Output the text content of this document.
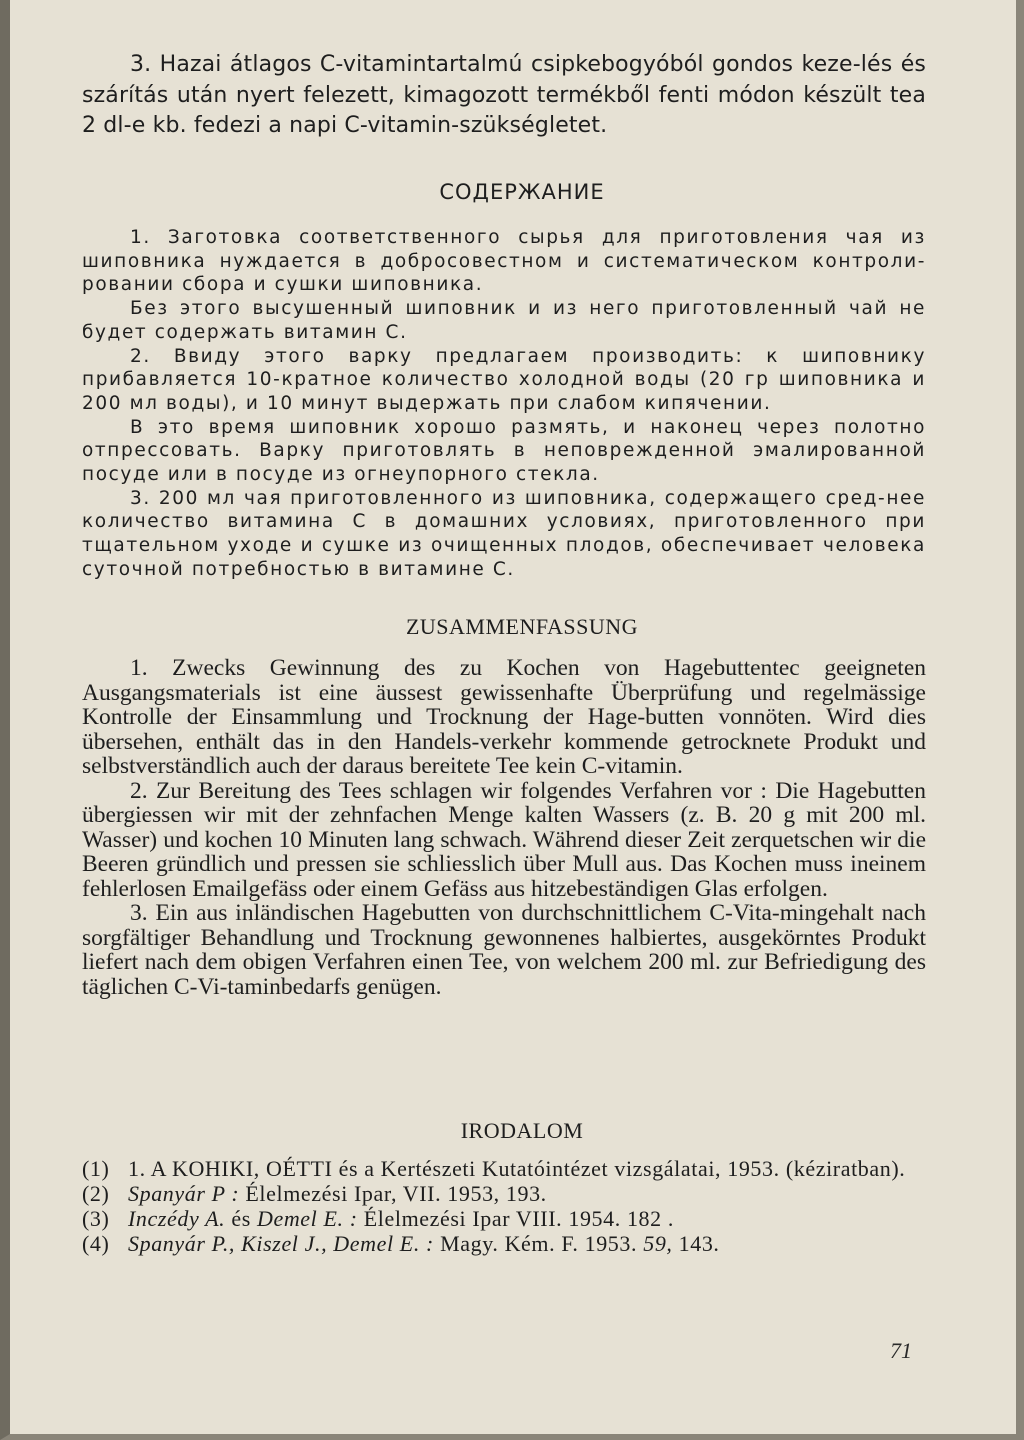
3. Hazai átlagos C-vitamintartalmú csipkebogyóból gondos keze-lés és szárítás után nyert felezett, kimagozott termékből fenti módon készült tea 2 dl-e kb. fedezi a napi C-vitamin-szükségletet.

СОДЕРЖАНИЕ

1. Заготовка соответственного сырья для приготовления чая из шиповника нуждается в добросовестном и систематическом контроли-ровании сбора и сушки шиповника.

Без этого высушенный шиповник и из него приготовленный чай не будет содержать витамин С.

2. Ввиду этого варку предлагаем производить: к шиповнику прибавляется 10-кратное количество холодной воды (20 гр шиповника и 200 мл воды), и 10 минут выдержать при слабом кипячении.

В это время шиповник хорошо размять, и наконец через полотно отпрессовать. Варку приготовлять в неповрежденной эмалированной посуде или в посуде из огнеупорного стекла.

3. 200 мл чая приготовленного из шиповника, содержащего сред-нее количество витамина С в домашних условиях, приготовленного при тщательном уходе и сушке из очищенных плодов, обеспечивает человека суточной потребностью в витамине С.

ZUSAMMENFASSUNG

1. Zwecks Gewinnung des zu Kochen von Hagebuttentec geeigneten Ausgangsmaterials ist eine äussest gewissenhafte Überprüfung und regelmässige Kontrolle der Einsammlung und Trocknung der Hage-butten vonnöten. Wird dies übersehen, enthält das in den Handels-verkehr kommende getrocknete Produkt und selbstverständlich auch der daraus bereitete Tee kein C-vitamin.

2. Zur Bereitung des Tees schlagen wir folgendes Verfahren vor : Die Hagebutten übergiessen wir mit der zehnfachen Menge kalten Wassers (z. B. 20 g mit 200 ml. Wasser) und kochen 10 Minuten lang schwach. Während dieser Zeit zerquetschen wir die Beeren gründlich und pressen sie schliesslich über Mull aus. Das Kochen muss ineinem fehlerlosen Emailgefäss oder einem Gefäss aus hitzebeständigen Glas erfolgen.

3. Ein aus inländischen Hagebutten von durchschnittlichem C-Vita-mingehalt nach sorgfältiger Behandlung und Trocknung gewonnenes halbiertes, ausgekörntes Produkt liefert nach dem obigen Verfahren einen Tee, von welchem 200 ml. zur Befriedigung des täglichen C-Vi-taminbedarfs genügen.

IRODALOM
(1) 1. A KOHIKI, OÉTTI és a Kertészeti Kutatóintézet vizsgálatai, 1953. (kéziratban).
(2) Spanyár P : Élelmezési Ipar, VII. 1953, 193.
(3) Inczédy A. és Demel E. : Élelmezési Ipar VIII. 1954. 182 .
(4) Spanyár P., Kiszel J., Demel E. : Magy. Kém. F. 1953. 59, 143.
71
